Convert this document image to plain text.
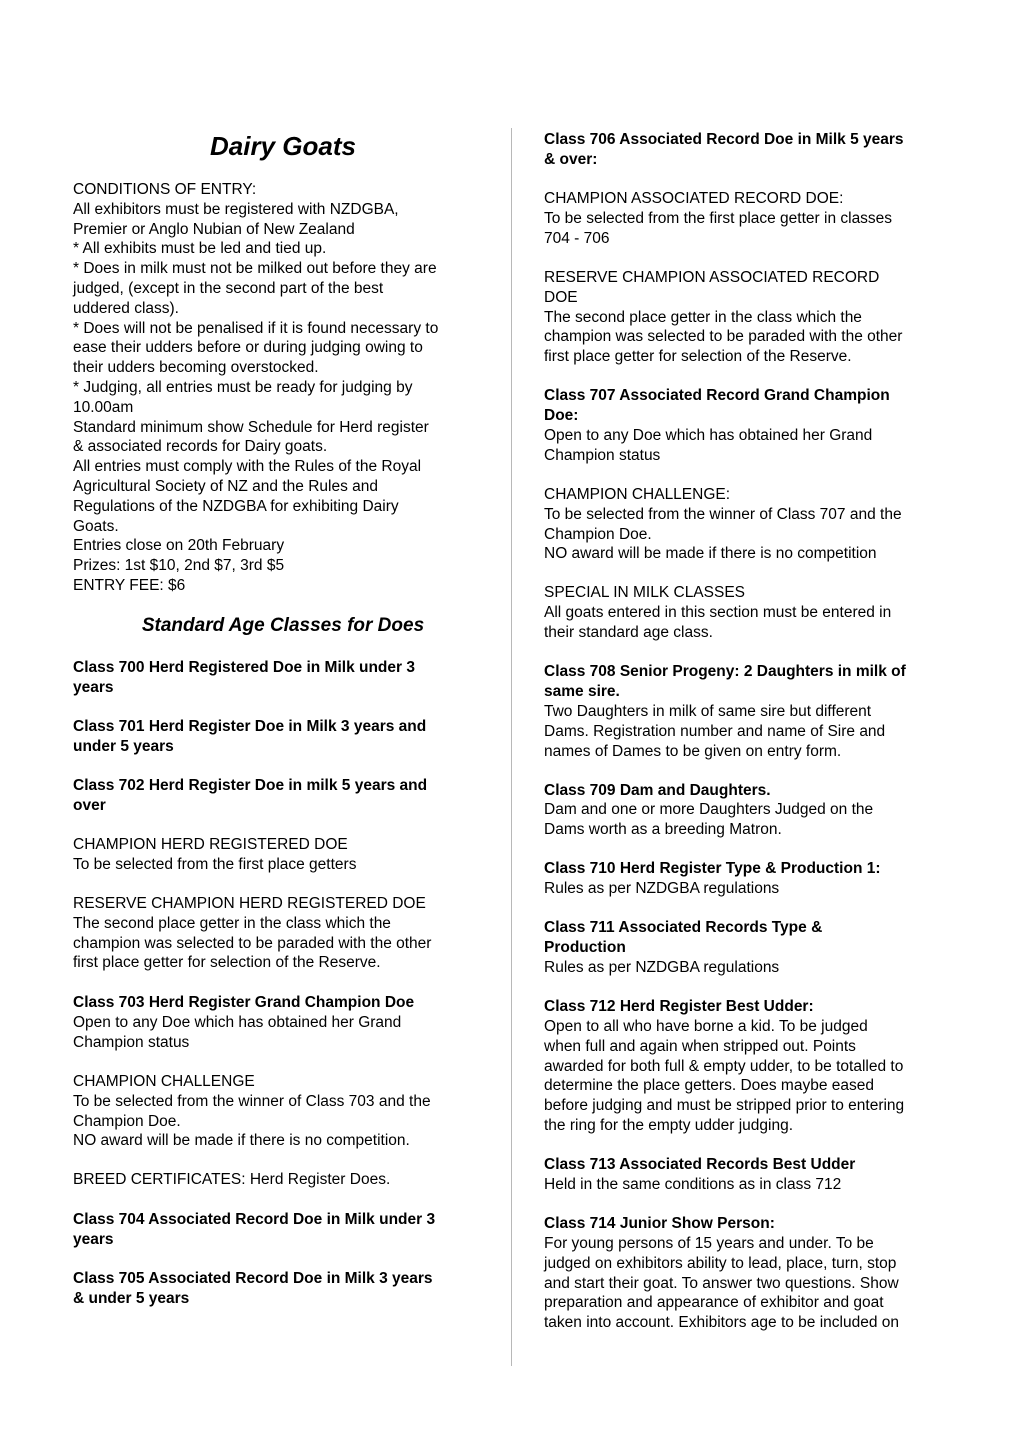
Dairy Goats

CONDITIONS OF ENTRY:
All exhibitors must be registered with NZDGBA,
Premier or Anglo Nubian of New Zealand
* All exhibits must be led and tied up.
* Does in milk must not be milked out before they are
judged, (except in the second part of the best
uddered class).
* Does will not be penalised if it is found necessary to
ease their udders before or during judging owing to
their udders becoming overstocked.
* Judging, all entries must be ready for judging by
10.00am
Standard minimum show Schedule for Herd register
& associated records for Dairy goats.
All entries must comply with the Rules of the Royal
Agricultural Society of NZ and the Rules and
Regulations of the NZDGBA for exhibiting Dairy
Goats.
Entries close on 20th February
Prizes: 1st $10, 2nd $7, 3rd $5
ENTRY FEE: $6

Standard Age Classes for Does

Class 700 Herd Registered Doe in Milk under 3
years

Class 701 Herd Register Doe in Milk 3 years and
under 5 years

Class 702 Herd Register Doe in milk 5 years and
over

CHAMPION HERD REGISTERED DOE
To be selected from the first place getters

RESERVE CHAMPION HERD REGISTERED DOE
The second place getter in the class which the
champion was selected to be paraded with the other
first place getter for selection of the Reserve.

Class 703 Herd Register Grand Champion Doe

Open to any Doe which has obtained her Grand
Champion status

CHAMPION CHALLENGE
To be selected from the winner of Class 703 and the
Champion Doe.
NO award will be made if there is no competition.

BREED CERTIFICATES: Herd Register Does.

Class 704 Associated Record Doe in Milk under 3
years

Class 705 Associated Record Doe in Milk 3 years
& under 5 years

Class 706 Associated Record Doe in Milk 5 years
& over:

CHAMPION ASSOCIATED RECORD DOE:
To be selected from the first place getter in classes
704 - 706

RESERVE CHAMPION ASSOCIATED RECORD
DOE
The second place getter in the class which the
champion was selected to be paraded with the other
first place getter for selection of the Reserve.

Class 707 Associated Record Grand Champion
Doe:

Open to any Doe which has obtained her Grand
Champion status

CHAMPION CHALLENGE:
To be selected from the winner of Class 707 and the
Champion Doe.
NO award will be made if there is no competition

SPECIAL IN MILK CLASSES
All goats entered in this section must be entered in
their standard age class.

Class 708 Senior Progeny: 2 Daughters in milk of
same sire.

Two Daughters in milk of same sire but different
Dams. Registration number and name of Sire and
names of Dames to be given on entry form.

Class 709 Dam and Daughters.

Dam and one or more Daughters Judged on the
Dams worth as a breeding Matron.

Class 710 Herd Register Type & Production 1:

Rules as per NZDGBA regulations

Class 711 Associated Records Type &
Production

Rules as per NZDGBA regulations

Class 712 Herd Register Best Udder:

Open to all who have borne a kid. To be judged
when full and again when stripped out. Points
awarded for both full & empty udder, to be totalled to
determine the place getters. Does maybe eased
before judging and must be stripped prior to entering
the ring for the empty udder judging.

Class 713 Associated Records Best Udder

Held in the same conditions as in class 712

Class 714 Junior Show Person:

For young persons of 15 years and under. To be
judged on exhibitors ability to lead, place, turn, stop
and start their goat. To answer two questions. Show
preparation and appearance of exhibitor and goat
taken into account. Exhibitors age to be included on
